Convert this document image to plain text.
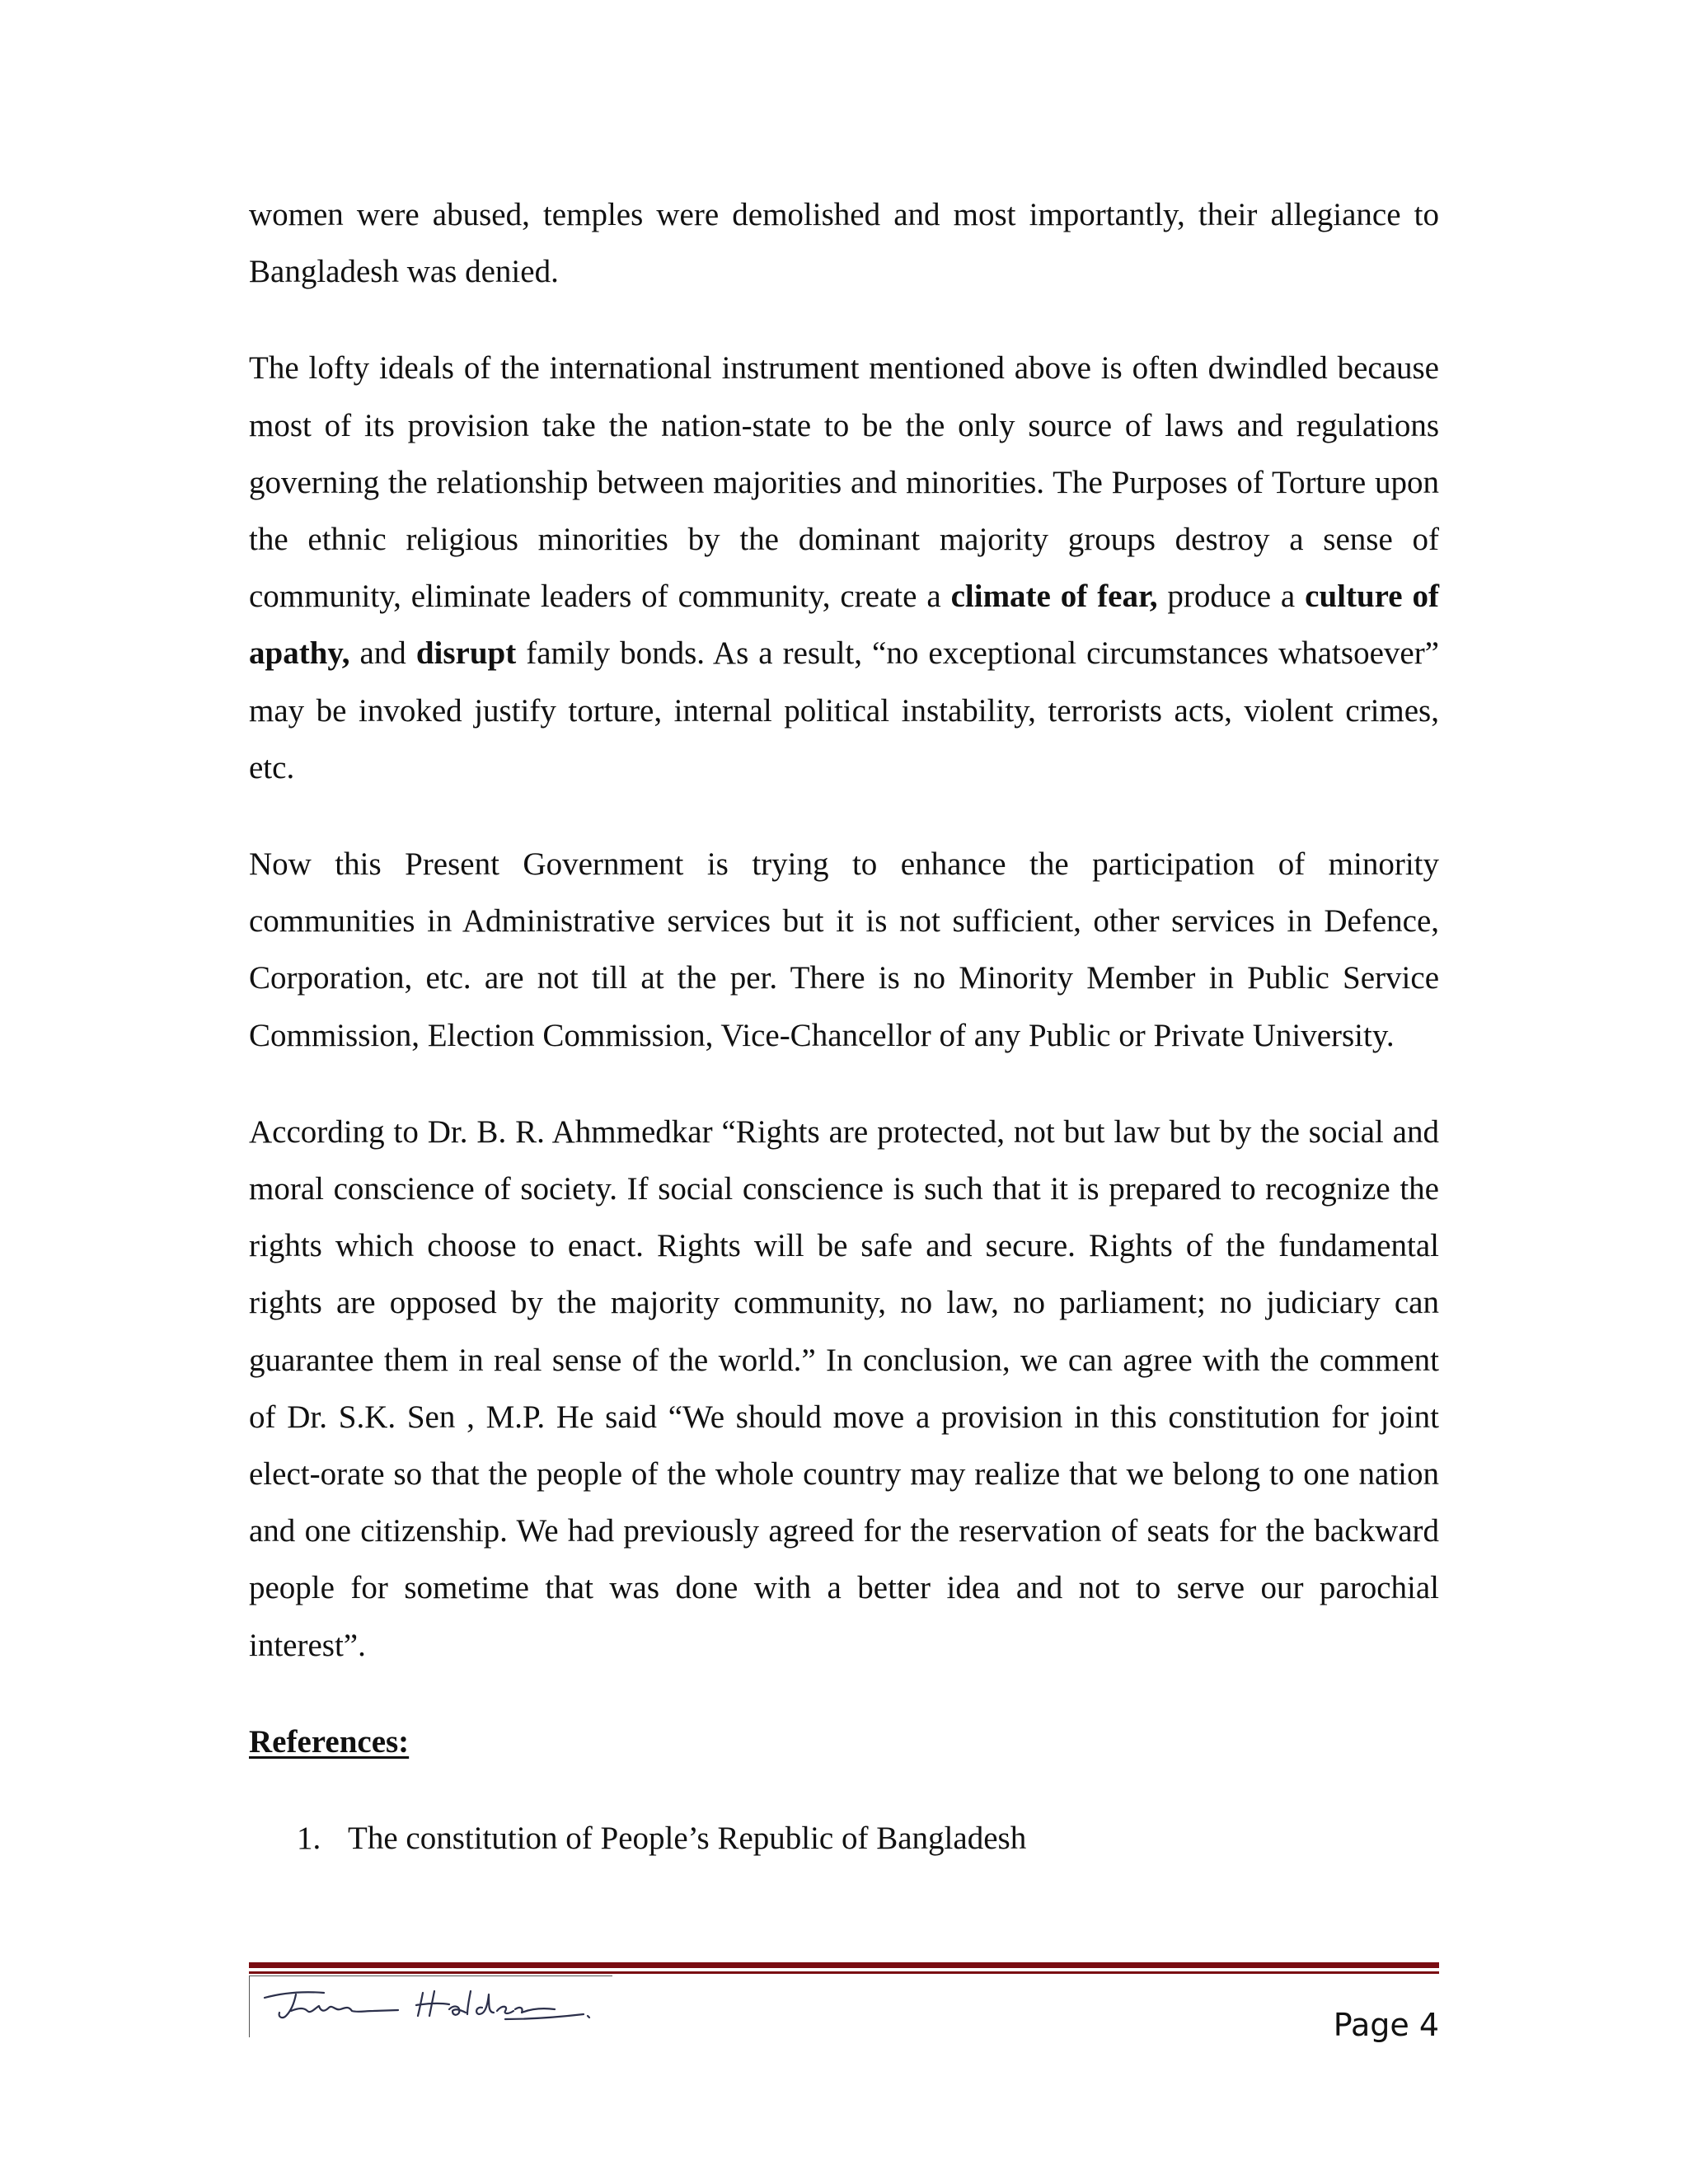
women were abused, temples were demolished and most importantly, their allegiance to Bangladesh was denied.

The lofty ideals of the international instrument mentioned above is often dwindled because most of its provision take the nation-state to be the only source of laws and regulations governing the relationship between majorities and minorities. The Purposes of Torture upon the ethnic religious minorities by the dominant majority groups destroy a sense of community, eliminate leaders of community, create a climate of fear, produce a culture of apathy, and disrupt family bonds. As a result, “no exceptional circumstances whatsoever” may be invoked justify torture, internal political instability, terrorists acts, violent crimes, etc.

Now this Present Government is trying to enhance the participation of minority communities in Administrative services but it is not sufficient, other services in Defence, Corporation, etc. are not till at the per. There is no Minority Member in Public Service Commission, Election Commission, Vice-Chancellor of any Public or Private University.

According to Dr. B. R. Ahmmedkar “Rights are protected, not but law but by the social and moral conscience of society. If social conscience is such that it is prepared to recognize the rights which choose to enact. Rights will be safe and secure. Rights of the fundamental rights are opposed by the majority community, no law, no parliament; no judiciary can guarantee them in real sense of the world.” In conclusion, we can agree with the comment of Dr. S.K. Sen , M.P. He said “We should move a provision in this constitution for joint elect-orate so that the people of the whole country may realize that we belong to one nation and one citizenship. We had previously agreed for the reservation of seats for the backward people for sometime that was done with a better idea and not to serve our parochial interest”.

References:
1. The constitution of People’s Republic of Bangladesh
Page 4
